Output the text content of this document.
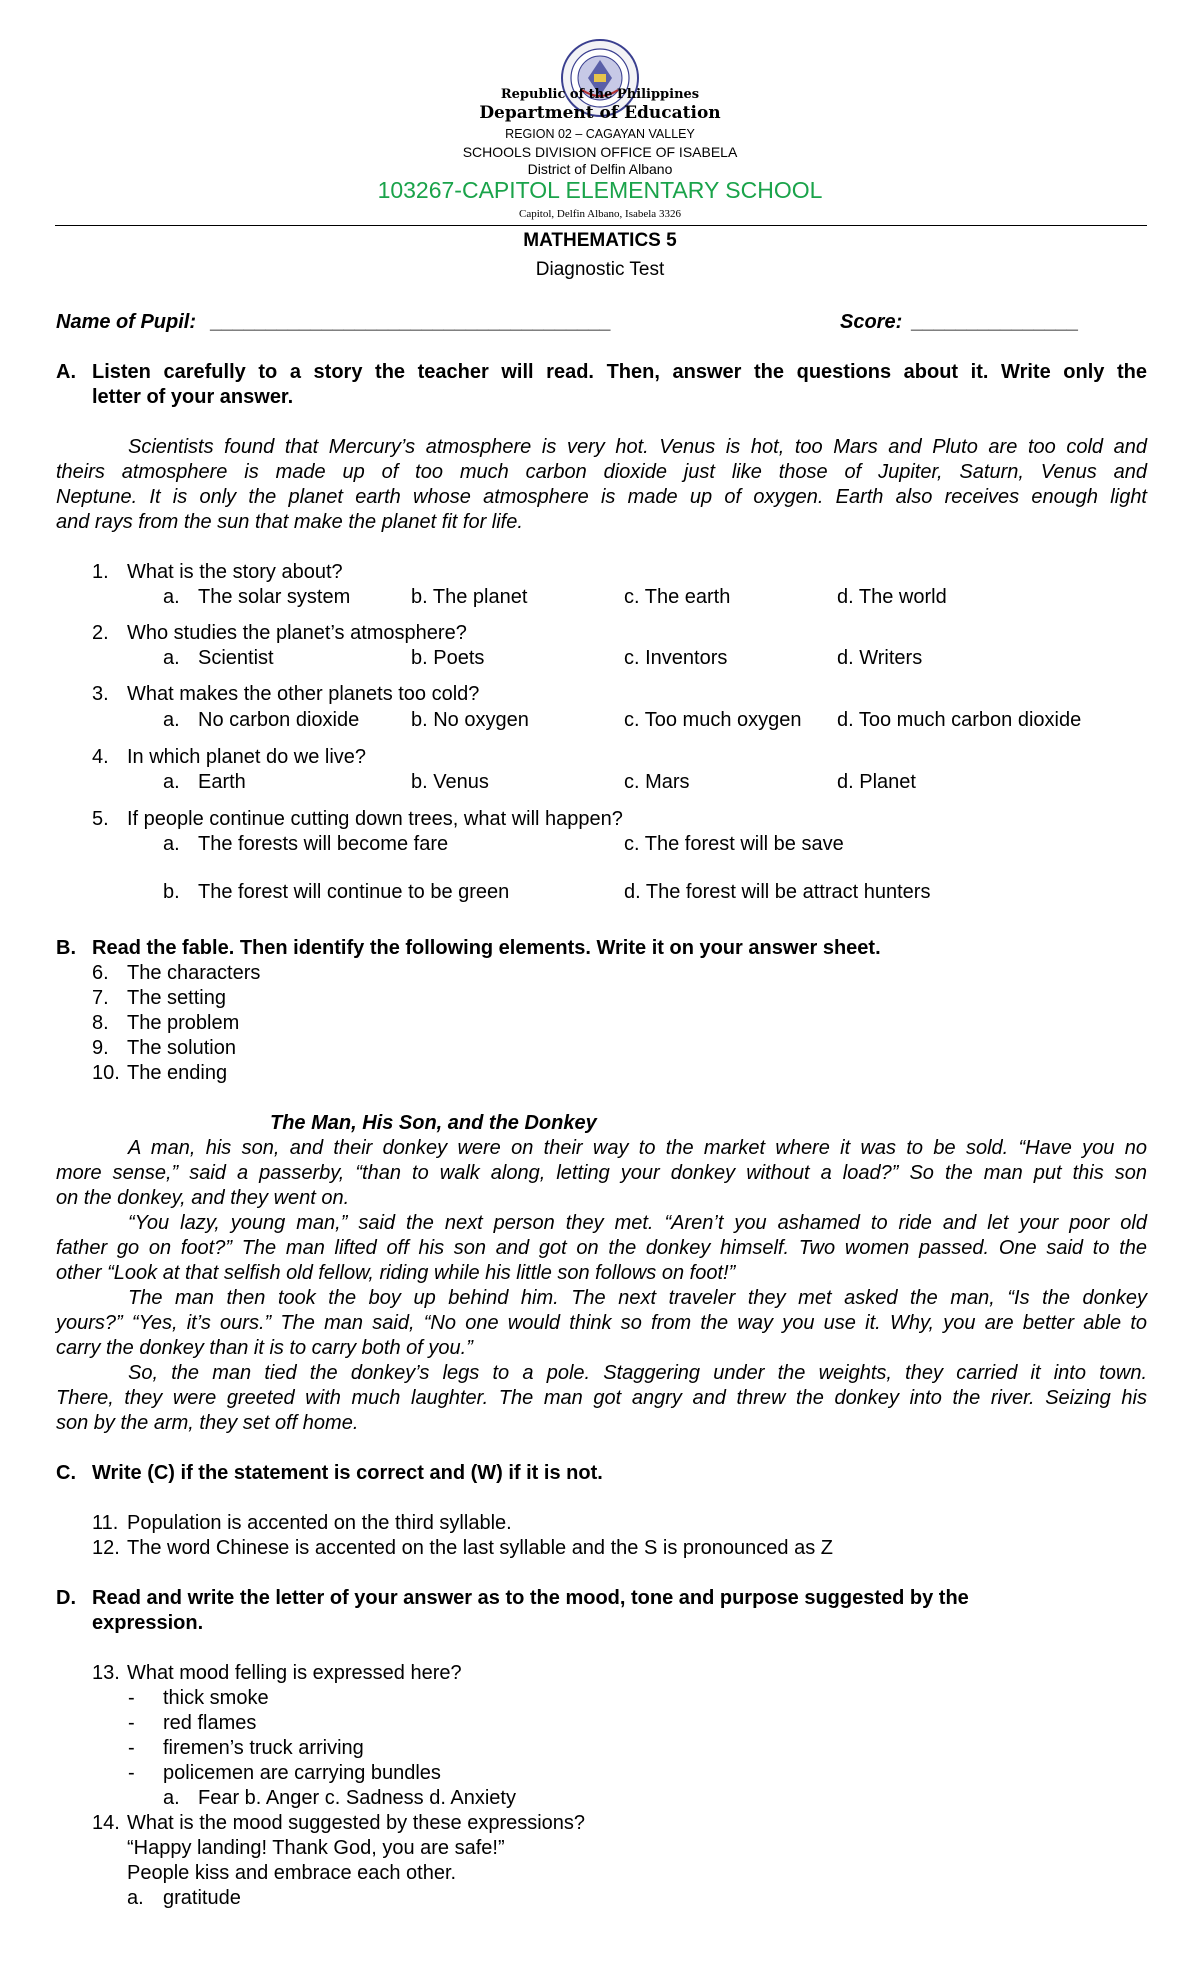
Republic of the Philippines
Department of Education
REGION 02 – CAGAYAN VALLEY
SCHOOLS DIVISION OFFICE OF ISABELA
District of Delfin Albano
103267-CAPITOL ELEMENTARY SCHOOL
Capitol, Delfin Albano, Isabela 3326
MATHEMATICS 5
Diagnostic Test
Name of Pupil: ____________________________________	Score: _______________
A. Listen carefully to a story the teacher will read. Then, answer the questions about it. Write only the
letter of your answer.
Scientists found that Mercury’s atmosphere is very hot. Venus is hot, too Mars and Pluto are too cold and
theirs atmosphere is made up of too much carbon dioxide just like those of Jupiter, Saturn, Venus and
Neptune. It is only the planet earth whose atmosphere is made up of oxygen. Earth also receives enough light
and rays from the sun that make the planet fit for life.
1. What is the story about?
a. The solar system	b. The planet	c. The earth	d. The world
2. Who studies the planet’s atmosphere?
a. Scientist	b. Poets	c. Inventors	d. Writers
3. What makes the other planets too cold?
a. No carbon dioxide	b. No oxygen	c. Too much oxygen d. Too much carbon dioxide
4. In which planet do we live?
a. Earth	b. Venus	c. Mars	d. Planet
5. If people continue cutting down trees, what will happen?
a. The forests will become fare	c. The forest will be save
b. The forest will continue to be green	d. The forest will be attract hunters
B. Read the fable. Then identify the following elements. Write it on your answer sheet.
6. The characters
7. The setting
8. The problem
9. The solution
10. The ending
The Man, His Son, and the Donkey
A man, his son, and their donkey were on their way to the market where it was to be sold. “Have you no
more sense,” said a passerby, “than to walk along, letting your donkey without a load?” So the man put this son
on the donkey, and they went on.
“You lazy, young man,” said the next person they met. “Aren’t you ashamed to ride and let your poor old
father go on foot?” The man lifted off his son and got on the donkey himself. Two women passed. One said to the
other “Look at that selfish old fellow, riding while his little son follows on foot!”
The man then took the boy up behind him. The next traveler they met asked the man, “Is the donkey
yours?” “Yes, it’s ours.” The man said, “No one would think so from the way you use it. Why, you are better able to
carry the donkey than it is to carry both of you.”
So, the man tied the donkey’s legs to a pole. Staggering under the weights, they carried it into town.
There, they were greeted with much laughter. The man got angry and threw the donkey into the river. Seizing his
son by the arm, they set off home.
C. Write (C) if the statement is correct and (W) if it is not.
11. Population is accented on the third syllable.
12. The word Chinese is accented on the last syllable and the S is pronounced as Z
D. Read and write the letter of your answer as to the mood, tone and purpose suggested by the
expression.
13. What mood felling is expressed here?
- thick smoke
- red flames
- firemen’s truck arriving
- policemen are carrying bundles
a. Fear b. Anger c. Sadness d. Anxiety
14. What is the mood suggested by these expressions?
“Happy landing! Thank God, you are safe!”
People kiss and embrace each other.
a. gratitude
